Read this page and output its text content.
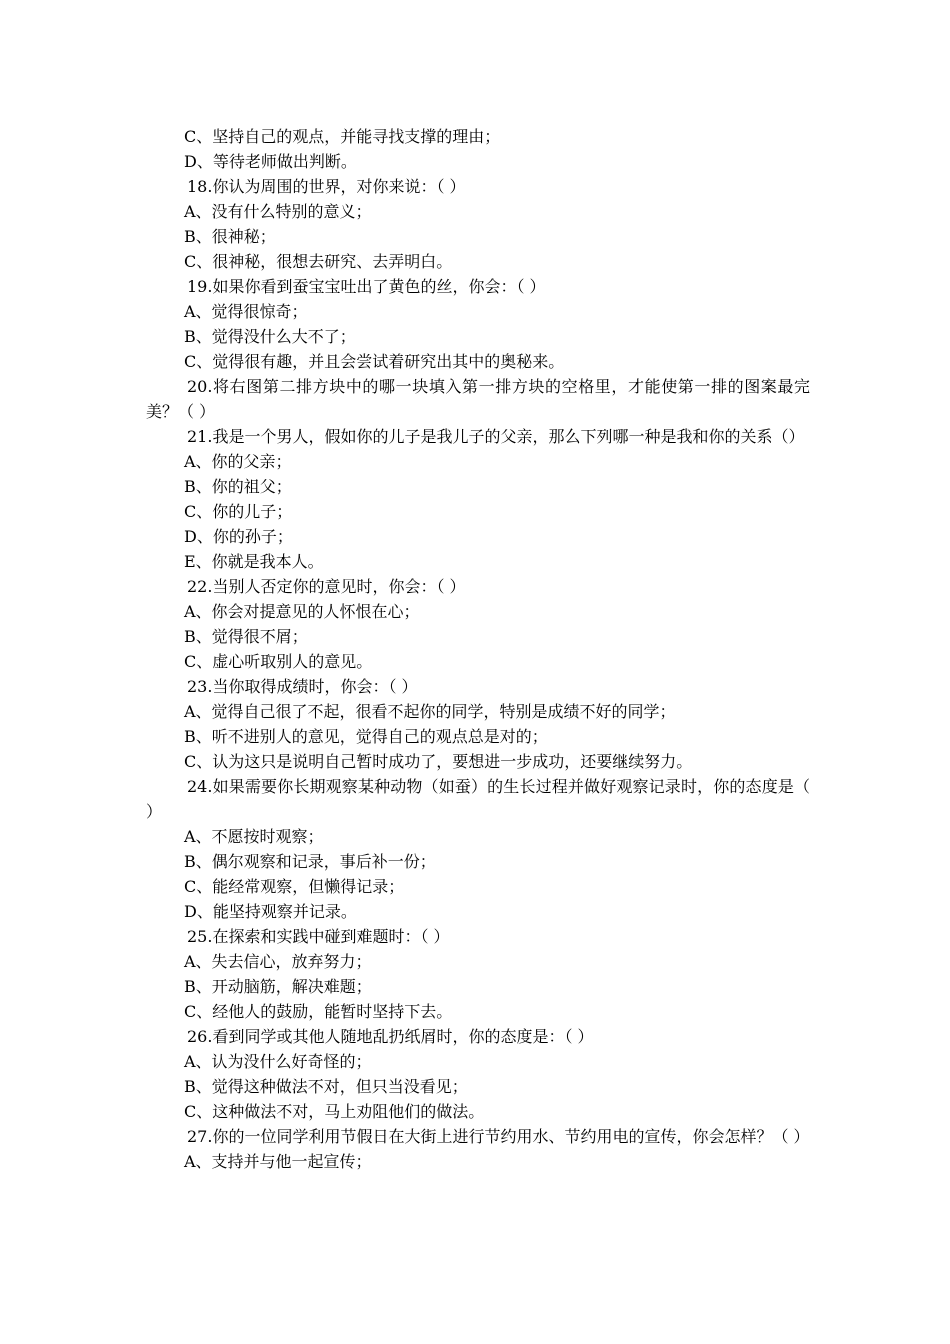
C、坚持自己的观点，并能寻找支撑的理由；
D、等待老师做出判断。
18.你认为周围的世界，对你来说：（ ）
A、没有什么特别的意义；
B、很神秘；
C、很神秘，很想去研究、去弄明白。
19.如果你看到蚕宝宝吐出了黄色的丝，你会：（ ）
A、觉得很惊奇；
B、觉得没什么大不了；
C、觉得很有趣，并且会尝试着研究出其中的奥秘来。
20.将右图第二排方块中的哪一块填入第一排方块的空格里，才能使第一排的图案最完美？（ ）
21.我是一个男人，假如你的儿子是我儿子的父亲，那么下列哪一种是我和你的关系（）
A、你的父亲；
B、你的祖父；
C、你的儿子；
D、你的孙子；
E、你就是我本人。
22.当别人否定你的意见时，你会：（ ）
A、你会对提意见的人怀恨在心；
B、觉得很不屑；
C、虚心听取别人的意见。
23.当你取得成绩时，你会：（ ）
A、觉得自己很了不起，很看不起你的同学，特别是成绩不好的同学；
B、听不进别人的意见，觉得自己的观点总是对的；
C、认为这只是说明自己暂时成功了，要想进一步成功，还要继续努力。
24.如果需要你长期观察某种动物（如蚕）的生长过程并做好观察记录时，你的态度是（ ）
A、不愿按时观察；
B、偶尔观察和记录，事后补一份；
C、能经常观察，但懒得记录；
D、能坚持观察并记录。
25.在探索和实践中碰到难题时：（ ）
A、失去信心，放弃努力；
B、开动脑筋，解决难题；
C、经他人的鼓励，能暂时坚持下去。
26.看到同学或其他人随地乱扔纸屑时，你的态度是：（ ）
A、认为没什么好奇怪的；
B、觉得这种做法不对，但只当没看见；
C、这种做法不对，马上劝阻他们的做法。
27.你的一位同学利用节假日在大街上进行节约用水、节约用电的宣传，你会怎样？（ ）
A、支持并与他一起宣传；
